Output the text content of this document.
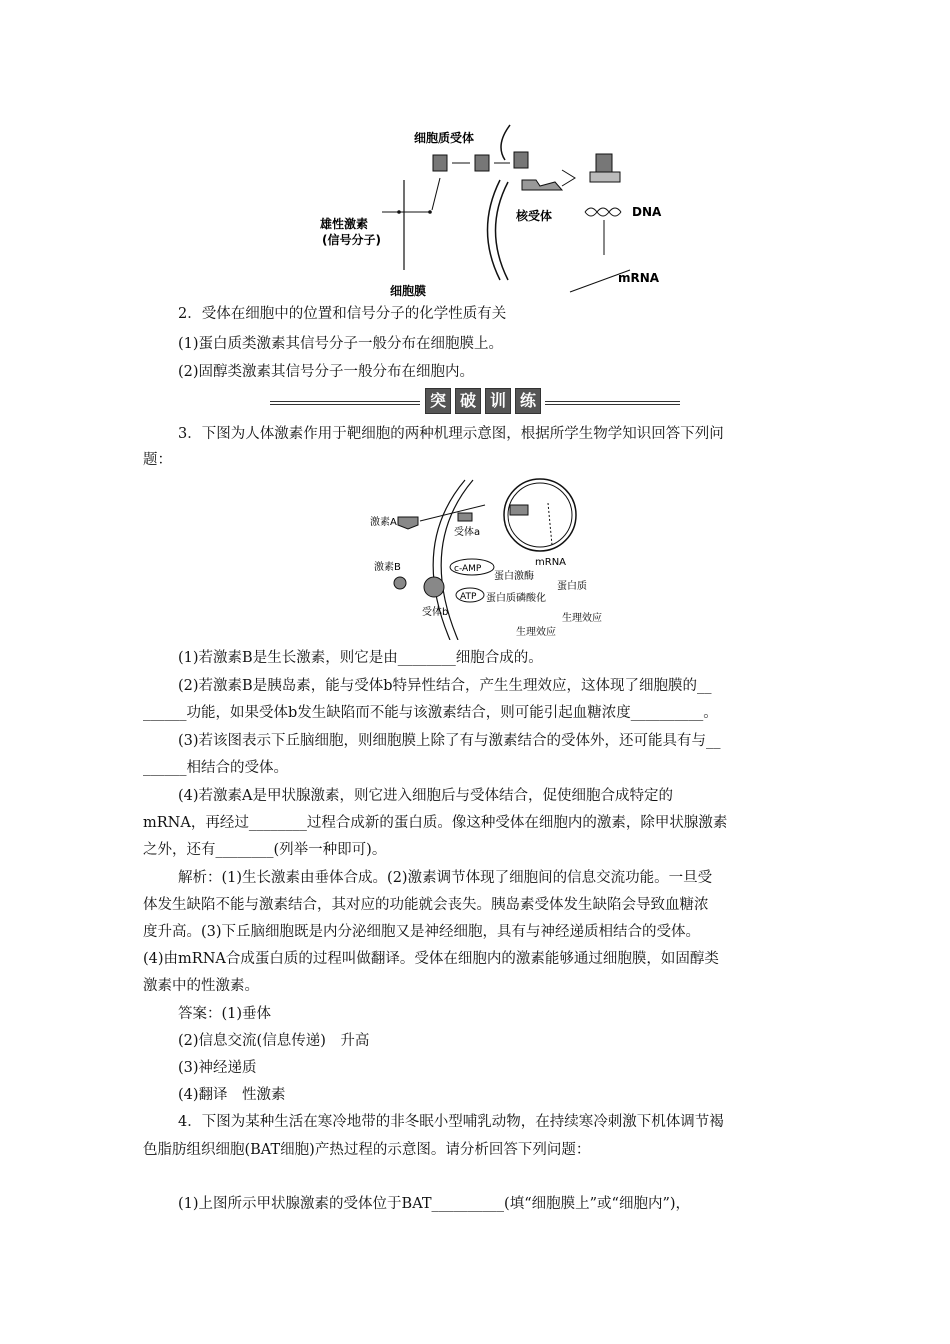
细胞质受体
雄性激素
(信号分子)
核受体	DNA
mRNA
细胞膜
2．受体在细胞中的位置和信号分子的化学性质有关
(1)蛋白质类激素其信号分子一般分布在细胞膜上。
(2)固醇类激素其信号分子一般分布在细胞内。
突 破 训 练
3．下图为人体激素作用于靶细胞的两种机理示意图，根据所学生物学知识回答下列问
题：
激素A
受体a
mRNA
激素B	c-AMP
蛋白激酶
蛋白质
ATP 蛋白质磷酸化
生理效应
受体b
生理效应
(1)若激素B是生长激素，则它是由________细胞合成的。
(2)若激素B是胰岛素，能与受体b特异性结合，产生生理效应，这体现了细胞膜的__
______功能，如果受体b发生缺陷而不能与该激素结合，则可能引起血糖浓度__________。
(3)若该图表示下丘脑细胞，则细胞膜上除了有与激素结合的受体外，还可能具有与__
______相结合的受体。
(4)若激素A是甲状腺激素，则它进入细胞后与受体结合，促使细胞合成特定的
mRNA，再经过________过程合成新的蛋白质。像这种受体在细胞内的激素，除甲状腺激素
之外，还有________(列举一种即可)。
解析：(1)生长激素由垂体合成。(2)激素调节体现了细胞间的信息交流功能。一旦受
体发生缺陷不能与激素结合，其对应的功能就会丧失。胰岛素受体发生缺陷会导致血糖浓
度升高。(3)下丘脑细胞既是内分泌细胞又是神经细胞，具有与神经递质相结合的受体。
(4)由mRNA合成蛋白质的过程叫做翻译。受体在细胞内的激素能够通过细胞膜，如固醇类
激素中的性激素。
答案：(1)垂体
(2)信息交流(信息传递)　升高
(3)神经递质
(4)翻译　性激素
4．下图为某种生活在寒冷地带的非冬眠小型哺乳动物，在持续寒冷刺激下机体调节褐
色脂肪组织细胞(BAT细胞)产热过程的示意图。请分析回答下列问题：
(1)上图所示甲状腺激素的受体位于BAT__________(填“细胞膜上”或“细胞内”)，
